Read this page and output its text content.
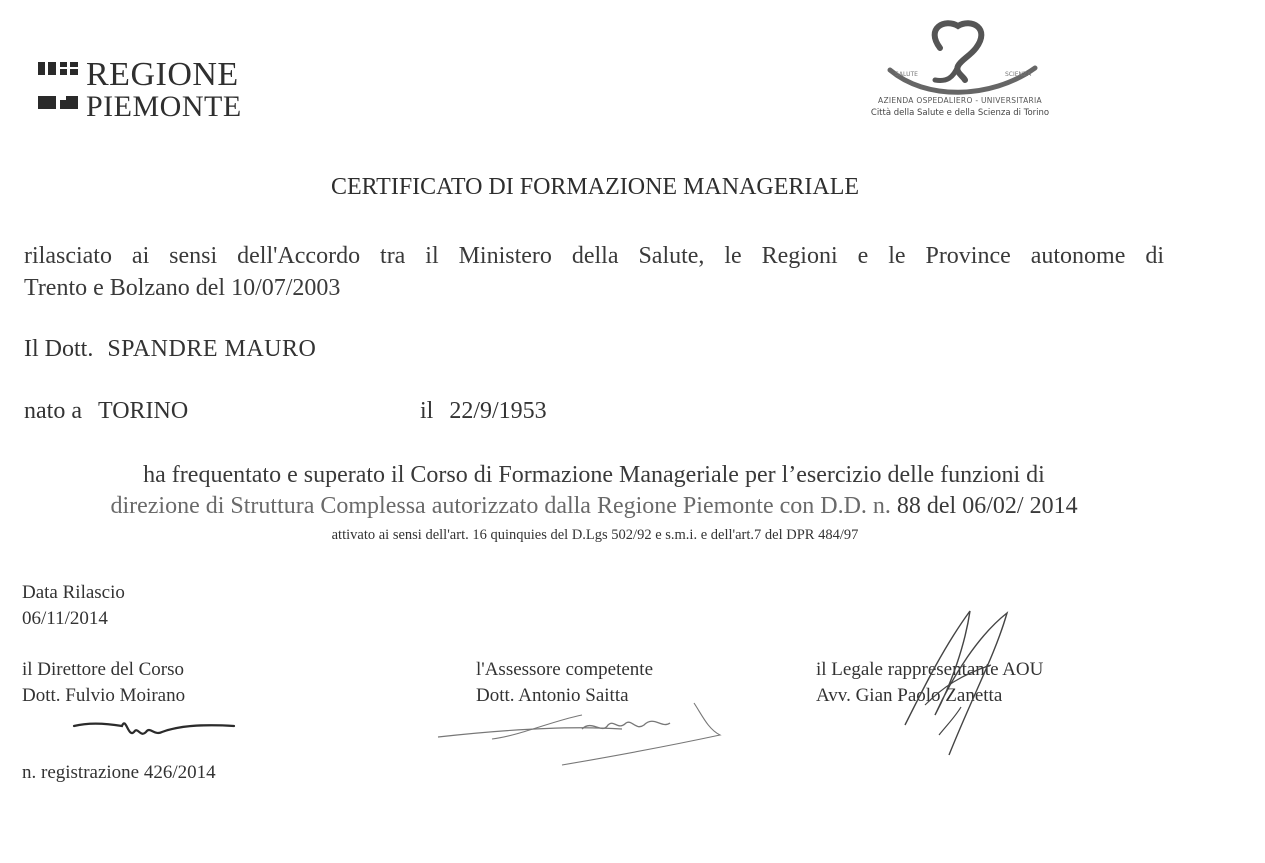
REGIONE
PIEMONTE
SALUTE	SCIENZA
AZIENDA OSPEDALIERO - UNIVERSITARIA
Città della Salute e della Scienza di Torino
CERTIFICATO DI FORMAZIONE MANAGERIALE
rilasciato ai sensi dell'Accordo tra il Ministero della Salute, le Regioni e le Province autonome di
Trento e Bolzano del 10/07/2003
Il Dott. SPANDRE MAURO
nato a TORINO	il 22/9/1953
ha frequentato e superato il Corso di Formazione Manageriale per l’esercizio delle funzioni di
direzione di Struttura Complessa autorizzato dalla Regione Piemonte con D.D. n. 88 del 06/02/ 2014
attivato ai sensi dell'art. 16 quinquies del D.Lgs 502/92 e s.m.i. e dell'art.7 del DPR 484/97
Data Rilascio
06/11/2014
il Direttore del Corso
Dott. Fulvio Moirano
l'Assessore competente
Dott. Antonio Saitta
il Legale rappresentante AOU
Avv. Gian Paolo Zanetta
n. registrazione 426/2014
